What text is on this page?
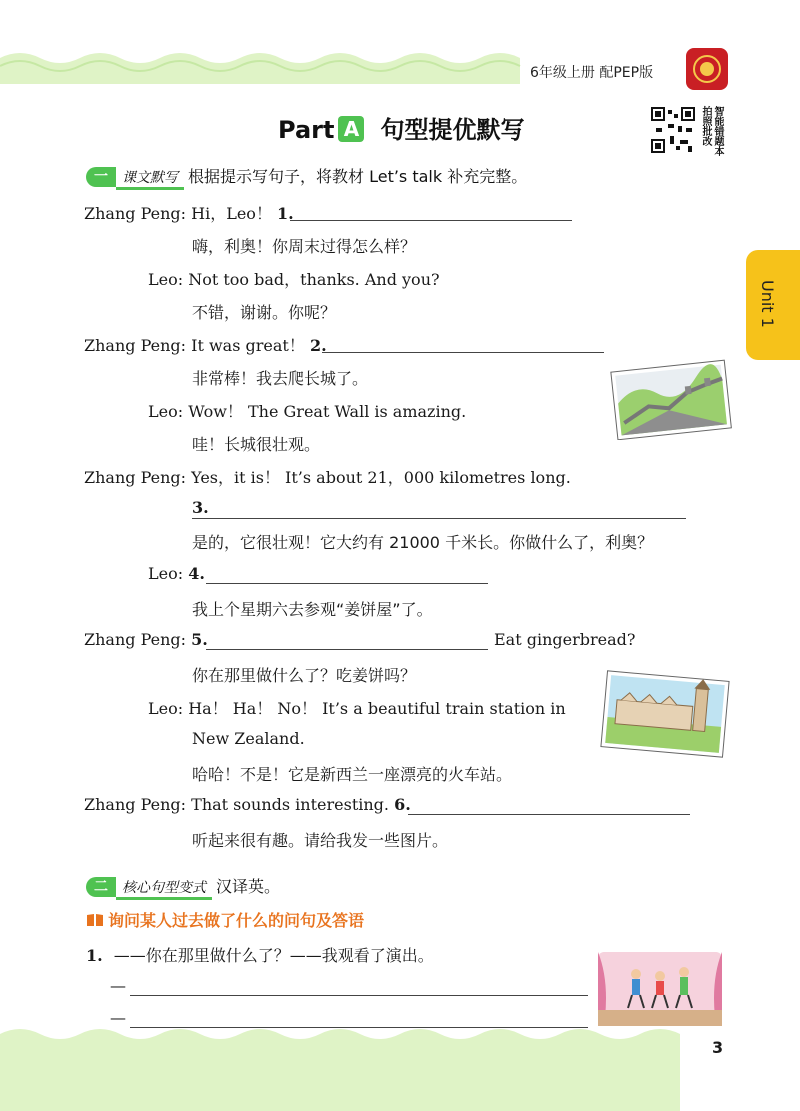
6年级上册 配PEP版
Part A 句型提优默写	拍照批改 智能错题本
Unit 1
一 课文默写 根据提示写句子，将教材 Let’s talk 补充完整。
Zhang Peng: Hi，Leo！ 1.
嗨，利奥！你周末过得怎么样？
Leo: Not too bad，thanks. And you?
不错，谢谢。你呢？
Zhang Peng: It was great！ 2.
非常棒！我去爬长城了。
Leo: Wow！ The Great Wall is amazing.
哇！长城很壮观。
Zhang Peng: Yes，it is！ It’s about 21，000 kilometres long.
3.
是的，它很壮观！它大约有 21000 千米长。你做什么了，利奥？
Leo: 4.
我上个星期六去参观“姜饼屋”了。
Zhang Peng: 5.	Eat gingerbread?
你在那里做什么了？吃姜饼吗？
Leo: Ha！ Ha！ No！ It’s a beautiful train station in
New Zealand.
哈哈！不是！它是新西兰一座漂亮的火车站。
Zhang Peng: That sounds interesting. 6.
听起来很有趣。请给我发一些图片。
二 核心句型变式 汉译英。
询问某人过去做了什么的问句及答语
1. ——你在那里做什么了？——我观看了演出。
—
—
3
